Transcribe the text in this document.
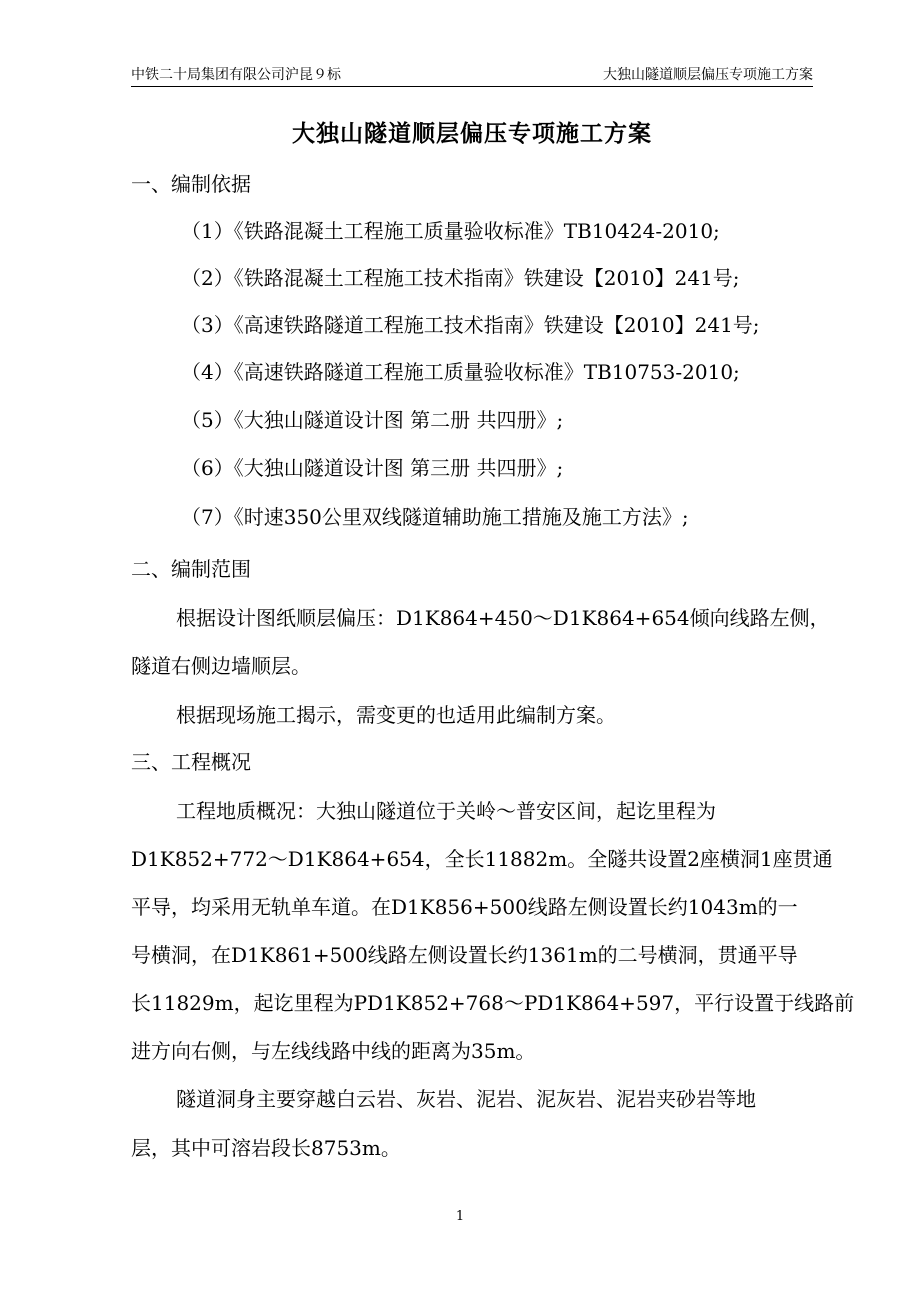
中铁二十局集团有限公司沪昆９标	大独山隧道顺层偏压专项施工方案
大独山隧道顺层偏压专项施工方案
一、编制依据
（1）《铁路混凝土工程施工质量验收标准》TB10424-2010;
（2）《铁路混凝土工程施工技术指南》铁建设【2010】241号;
（3）《高速铁路隧道工程施工技术指南》铁建设【2010】241号;
（4）《高速铁路隧道工程施工质量验收标准》TB10753-2010;
（5）《大独山隧道设计图 第二册 共四册》;
（6）《大独山隧道设计图 第三册 共四册》;
（7）《时速350公里双线隧道辅助施工措施及施工方法》;
二、编制范围
根据设计图纸顺层偏压：D1K864+450～D1K864+654倾向线路左侧，
隧道右侧边墙顺层。
根据现场施工揭示，需变更的也适用此编制方案。
三、工程概况
工程地质概况：大独山隧道位于关岭～普安区间，起讫里程为
D1K852+772～D1K864+654，全长11882m。全隧共设置2座横洞1座贯通
平导，均采用无轨单车道。在D1K856+500线路左侧设置长约1043m的一
号横洞，在D1K861+500线路左侧设置长约1361m的二号横洞，贯通平导
长11829m，起讫里程为PD1K852+768～PD1K864+597，平行设置于线路前
进方向右侧，与左线线路中线的距离为35m。
隧道洞身主要穿越白云岩、灰岩、泥岩、泥灰岩、泥岩夹砂岩等地
层，其中可溶岩段长8753m。
1
